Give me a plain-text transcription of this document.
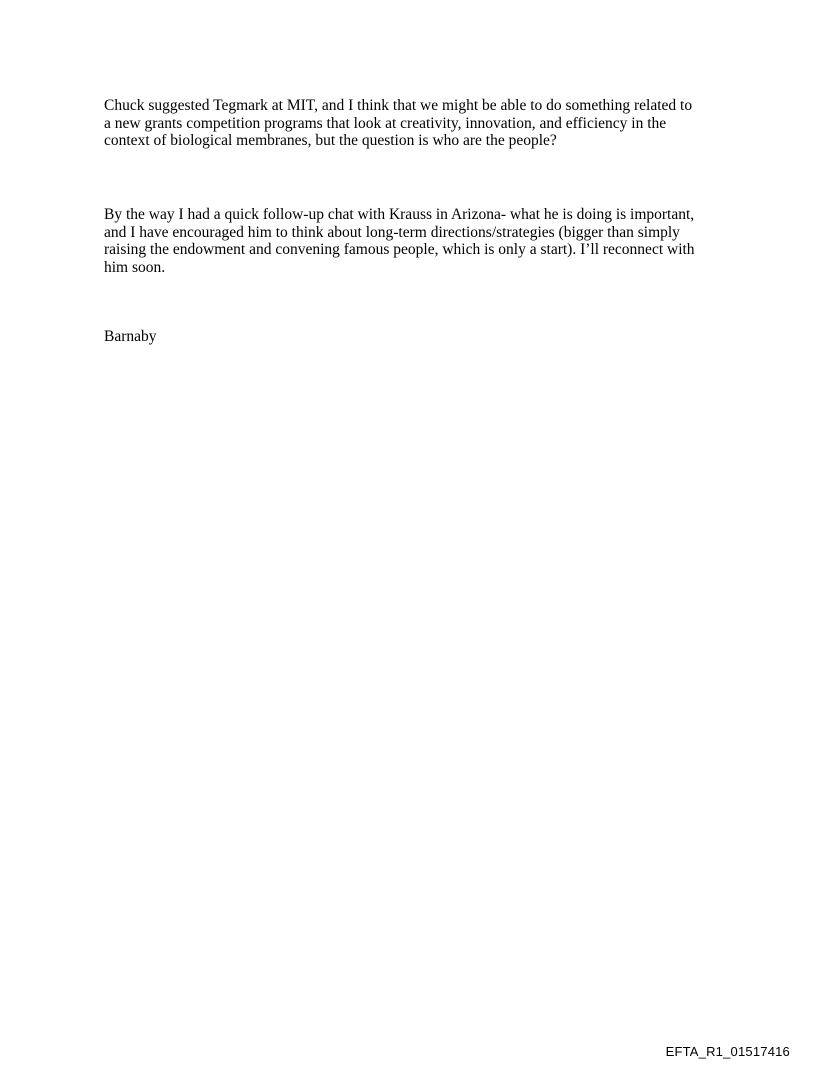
Chuck suggested Tegmark at MIT, and I think that we might be able to do something related to
a new grants competition programs that look at creativity, innovation, and efficiency in the
context of biological membranes, but the question is who are the people?

By the way I had a quick follow-up chat with Krauss in Arizona- what he is doing is important,
and I have encouraged him to think about long-term directions/strategies (bigger than simply
raising the endowment and convening famous people, which is only a start). I’ll reconnect with
him soon.

Barnaby

EFTA_R1_01517416
